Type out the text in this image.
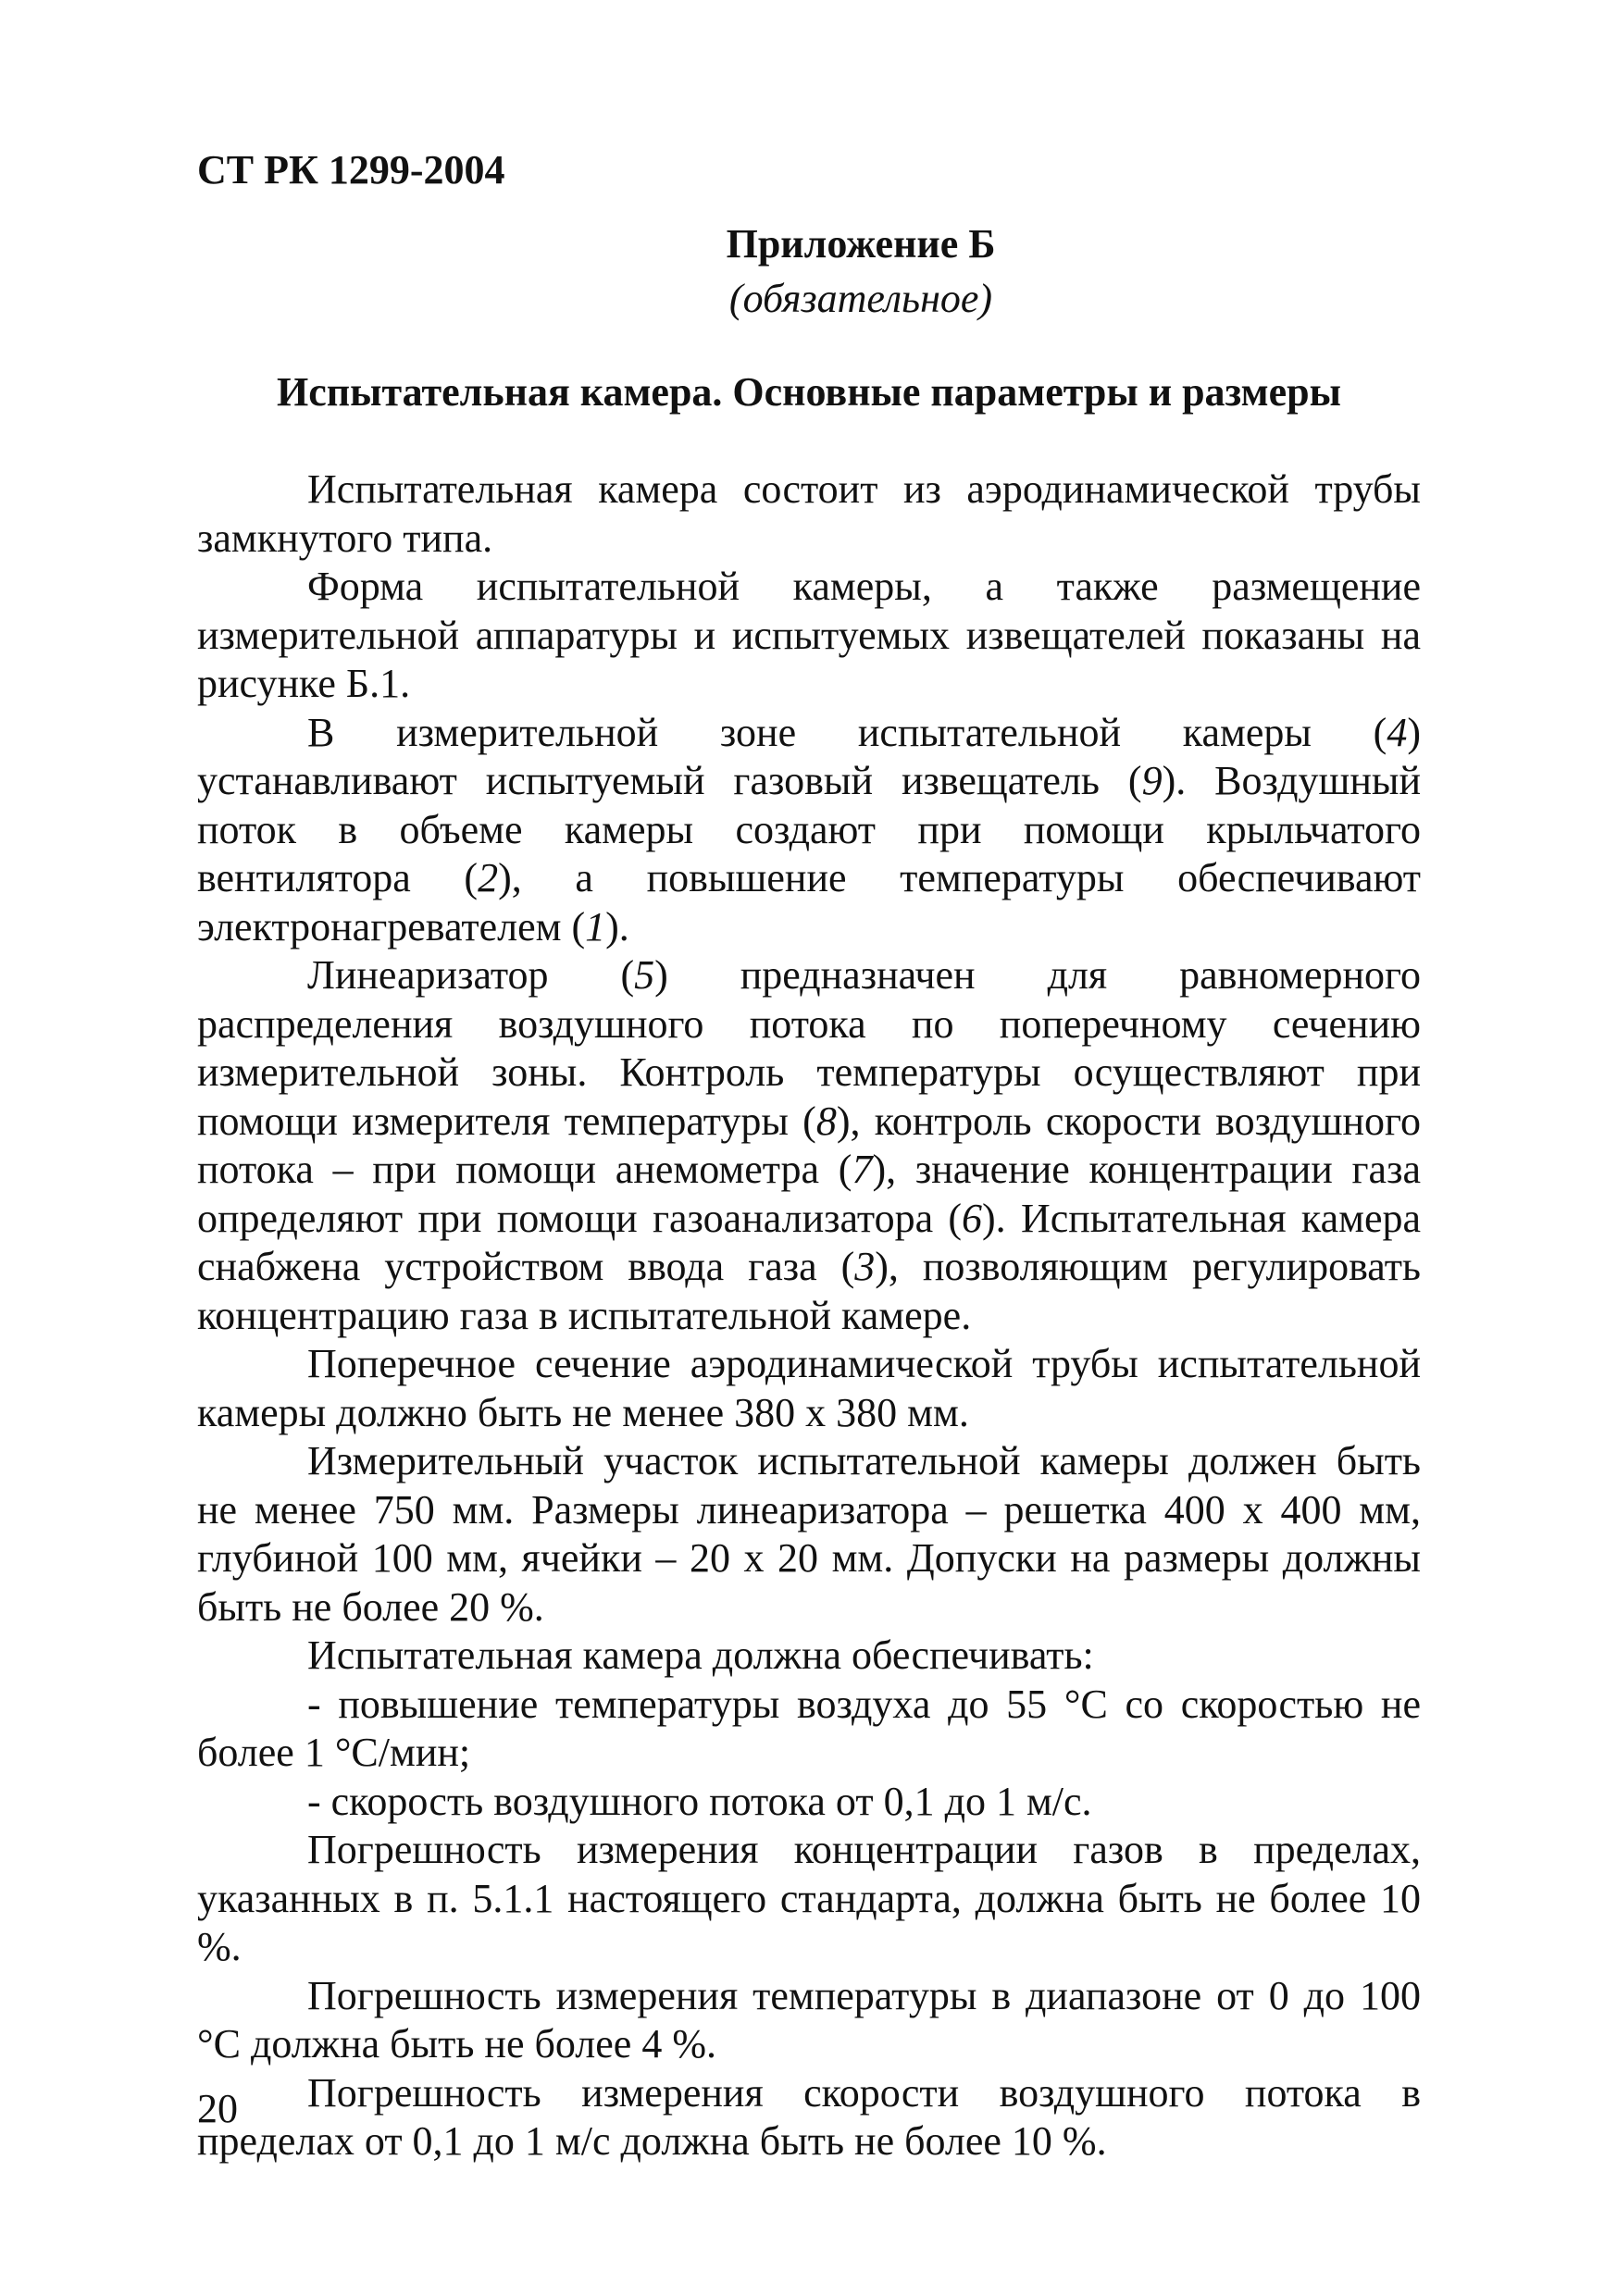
СТ РК 1299-2004
Приложение Б
(обязательное)
Испытательная камера. Основные параметры и размеры

Испытательная камера состоит из аэродинамической трубы замкнутого типа.

Форма испытательной камеры, а также размещение измерительной аппаратуры и испытуемых извещателей показаны на рисунке Б.1.

В измерительной зоне испытательной камеры (4) устанавливают испытуемый газовый извещатель (9). Воздушный поток в объеме камеры создают при помощи крыльчатого вентилятора (2), а повышение температуры обеспечивают электронагревателем (1).

Линеаризатор (5) предназначен для равномерного распределения воздушного потока по поперечному сечению измерительной зоны. Контроль температуры осуществляют при помощи измерителя температуры (8), контроль скорости воздушного потока – при помощи анемометра (7), значение концентрации газа определяют при помощи газоанализатора (6). Испытательная камера снабжена устройством ввода газа (3), позволяющим регулировать концентрацию газа в испытательной камере.

Поперечное сечение аэродинамической трубы испытательной камеры должно быть не менее 380 х 380 мм.

Измерительный участок испытательной камеры должен быть не менее 750 мм. Размеры линеаризатора – решетка 400 х 400 мм, глубиной 100 мм, ячейки – 20 х 20 мм. Допуски на размеры должны быть не более 20 %.

Испытательная камера должна обеспечивать:

- повышение температуры воздуха до 55 °С со скоростью не более 1 °С/мин;

- скорость воздушного потока от 0,1 до 1 м/с.

Погрешность измерения концентрации газов в пределах, указанных в п. 5.1.1 настоящего стандарта, должна быть не более 10 %.

Погрешность измерения температуры в диапазоне от 0 до 100 °С должна быть не более 4 %.

Погрешность измерения скорости воздушного потока в пределах от 0,1 до 1 м/с должна быть не более 10 %.

20
